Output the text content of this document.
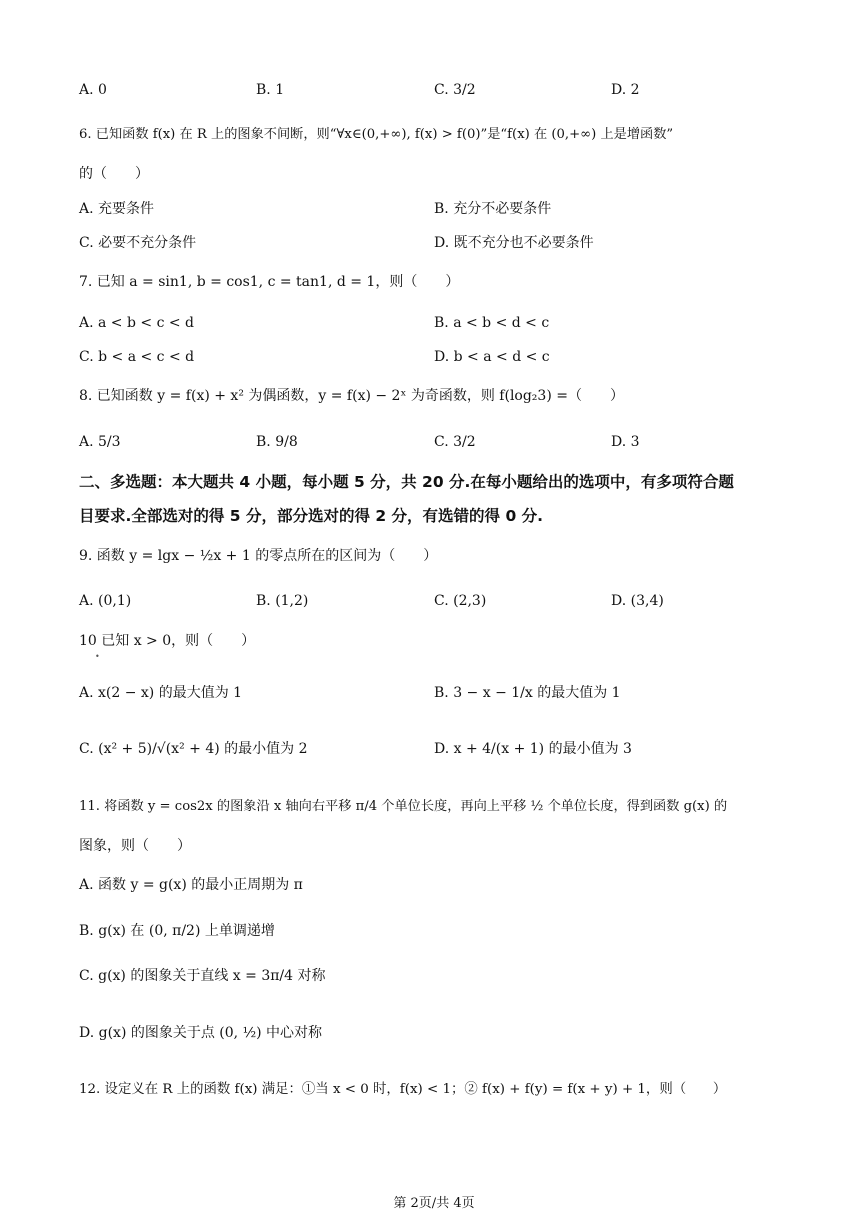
A. 0	B. 1	C. 3/2	D. 2
6. 已知函数 f(x) 在 R 上的图象不间断，则“∀x∈(0,+∞), f(x) > f(0)”是“f(x) 在 (0,+∞) 上是增函数”
的（　　）
A. 充要条件	B. 充分不必要条件
C. 必要不充分条件	D. 既不充分也不必要条件
7. 已知 a = sin1, b = cos1, c = tan1, d = 1，则（　　）
A. a < b < c < d	B. a < b < d < c
C. b < a < c < d	D. b < a < d < c
8. 已知函数 y = f(x) + x² 为偶函数，y = f(x) − 2ˣ 为奇函数，则 f(log₂3) =（　　）
A. 5/3	B. 9/8	C. 3/2	D. 3
二、多选题：本大题共 4 小题，每小题 5 分，共 20 分.在每小题给出的选项中，有多项符合题
目要求.全部选对的得 5 分，部分选对的得 2 分，有选错的得 0 分.
9. 函数 y = lgx − ½x + 1 的零点所在的区间为（　　）
A. (0,1)	B. (1,2)	C. (2,3)	D. (3,4)
10 已知 x > 0，则（　　）
•
A. x(2 − x) 的最大值为 1	B. 3 − x − 1/x 的最大值为 1
C. (x² + 5)/√(x² + 4) 的最小值为 2	D. x + 4/(x + 1) 的最小值为 3
11. 将函数 y = cos2x 的图象沿 x 轴向右平移 π/4 个单位长度，再向上平移 ½ 个单位长度，得到函数 g(x) 的
图象，则（　　）
A. 函数 y = g(x) 的最小正周期为 π
B. g(x) 在 (0, π/2) 上单调递增
C. g(x) 的图象关于直线 x = 3π/4 对称
D. g(x) 的图象关于点 (0, ½) 中心对称
12. 设定义在 R 上的函数 f(x) 满足：①当 x < 0 时，f(x) < 1；② f(x) + f(y) = f(x + y) + 1，则（　　）
第 2页/共 4页
